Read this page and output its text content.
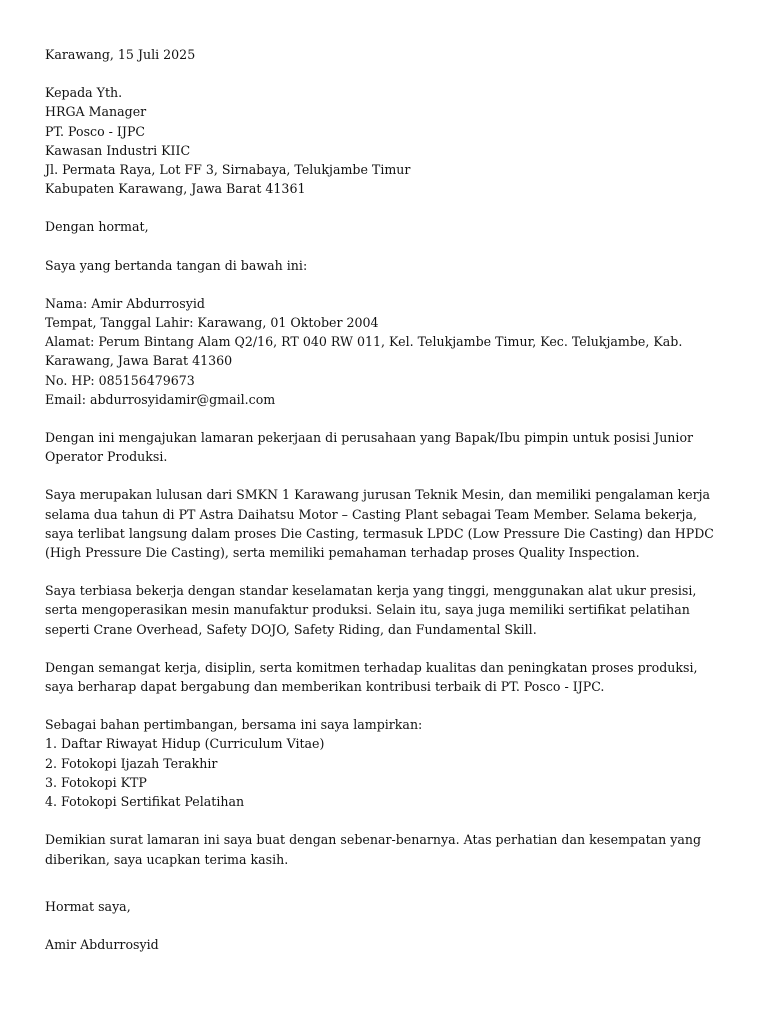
Karawang, 15 Juli 2025
Kepada Yth.
HRGA Manager
PT. Posco - IJPC
Kawasan Industri KIIC
Jl. Permata Raya, Lot FF 3, Sirnabaya, Telukjambe Timur
Kabupaten Karawang, Jawa Barat 41361
Dengan hormat,
Saya yang bertanda tangan di bawah ini:
Nama: Amir Abdurrosyid
Tempat, Tanggal Lahir: Karawang, 01 Oktober 2004
Alamat: Perum Bintang Alam Q2/16, RT 040 RW 011, Kel. Telukjambe Timur, Kec. Telukjambe, Kab. Karawang, Jawa Barat 41360
No. HP: 085156479673
Email: abdurrosyidamir@gmail.com
Dengan ini mengajukan lamaran pekerjaan di perusahaan yang Bapak/Ibu pimpin untuk posisi Junior Operator Produksi.
Saya merupakan lulusan dari SMKN 1 Karawang jurusan Teknik Mesin, dan memiliki pengalaman kerja selama dua tahun di PT Astra Daihatsu Motor – Casting Plant sebagai Team Member. Selama bekerja, saya terlibat langsung dalam proses Die Casting, termasuk LPDC (Low Pressure Die Casting) dan HPDC (High Pressure Die Casting), serta memiliki pemahaman terhadap proses Quality Inspection.
Saya terbiasa bekerja dengan standar keselamatan kerja yang tinggi, menggunakan alat ukur presisi, serta mengoperasikan mesin manufaktur produksi. Selain itu, saya juga memiliki sertifikat pelatihan seperti Crane Overhead, Safety DOJO, Safety Riding, dan Fundamental Skill.
Dengan semangat kerja, disiplin, serta komitmen terhadap kualitas dan peningkatan proses produksi, saya berharap dapat bergabung dan memberikan kontribusi terbaik di PT. Posco - IJPC.
Sebagai bahan pertimbangan, bersama ini saya lampirkan:
1. Daftar Riwayat Hidup (Curriculum Vitae)
2. Fotokopi Ijazah Terakhir
3. Fotokopi KTP
4. Fotokopi Sertifikat Pelatihan
Demikian surat lamaran ini saya buat dengan sebenar-benarnya. Atas perhatian dan kesempatan yang diberikan, saya ucapkan terima kasih.
Hormat saya,
Amir Abdurrosyid
